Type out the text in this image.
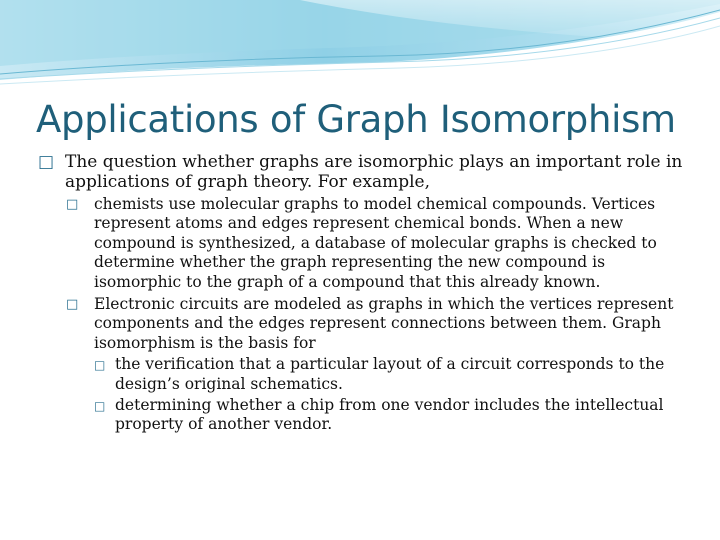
Applications of Graph Isomorphism
□ The question whether graphs are isomorphic plays an important role in applications of graph theory. For example,
□ chemists use molecular graphs to model chemical compounds. Vertices represent atoms and edges represent chemical bonds. When a new compound is synthesized, a database of molecular graphs is checked to determine whether the graph representing the new compound is isomorphic to the graph of a compound that this already known.
□ Electronic circuits are modeled as graphs in which the vertices represent components and the edges represent connections between them. Graph isomorphism is the basis for
□ the verification that a particular layout of a circuit corresponds to the design’s original schematics.
□ determining whether a chip from one vendor includes the intellectual property of another vendor.
